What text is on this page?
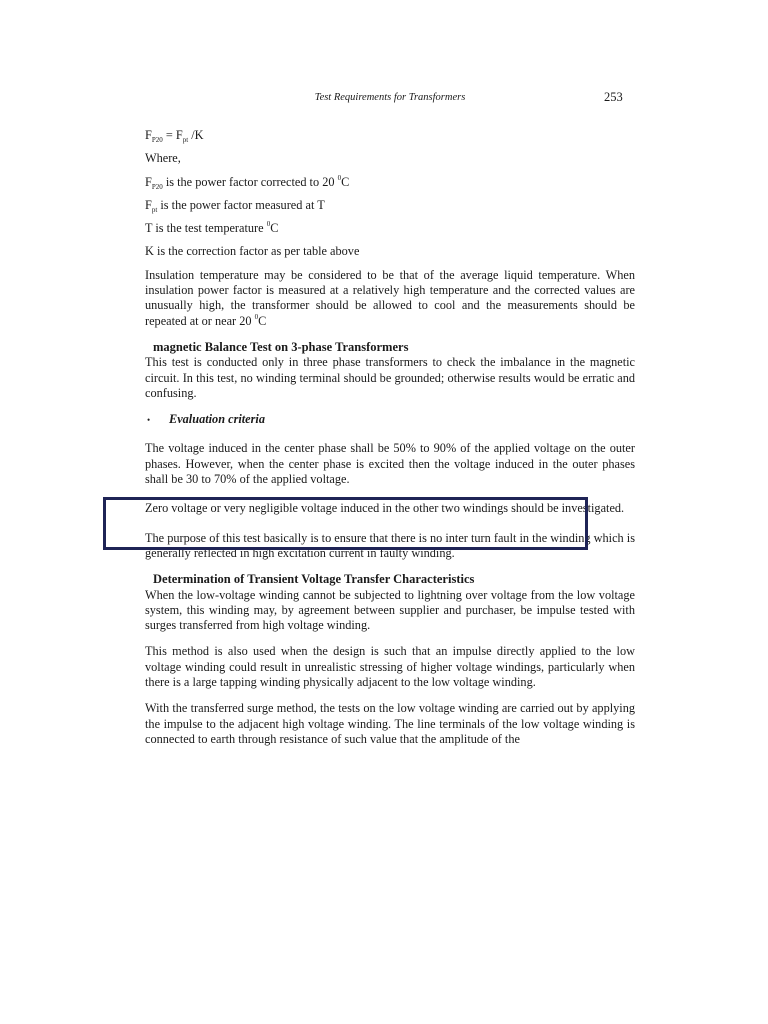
Test Requirements for Transformers	253

$F_{P20} = F_{pt}$ /K

Where,

$F_{P20}$ is the power factor corrected to 20 $^0$C

$F_{pt}$ is the power factor measured at T

T is the test temperature $^0$C

K is the correction factor as per table above

Insulation temperature may be considered to be that of the average liquid temperature. When insulation power factor is measured at a relatively high temperature and the corrected values are unusually high, the transformer should be allowed to cool and the measurements should be repeated at or near 20 $^0$C

magnetic Balance Test on 3-phase Transformers

This test is conducted only in three phase transformers to check the imbalance in the magnetic circuit. In this test, no winding terminal should be grounded; otherwise results would be erratic and confusing.

•	Evaluation criteria

The voltage induced in the center phase shall be 50% to 90% of the applied voltage on the outer phases. However, when the center phase is excited then the voltage induced in the outer phases shall be 30 to 70% of the applied voltage.

Zero voltage or very negligible voltage induced in the other two windings should be investigated.

The purpose of this test basically is to ensure that there is no inter turn fault in the winding which is generally reflected in high excitation current in faulty winding.

Determination of Transient Voltage Transfer Characteristics

When the low-voltage winding cannot be subjected to lightning over voltage from the low voltage system, this winding may, by agreement between supplier and purchaser, be impulse tested with surges transferred from high voltage winding.

This method is also used when the design is such that an impulse directly applied to the low voltage winding could result in unrealistic stressing of higher voltage windings, particularly when there is a large tapping winding physically adjacent to the low voltage winding.

With the transferred surge method, the tests on the low voltage winding are carried out by applying the impulse to the adjacent high voltage winding. The line terminals of the low voltage winding is connected to earth through resistance of such value that the amplitude of the
